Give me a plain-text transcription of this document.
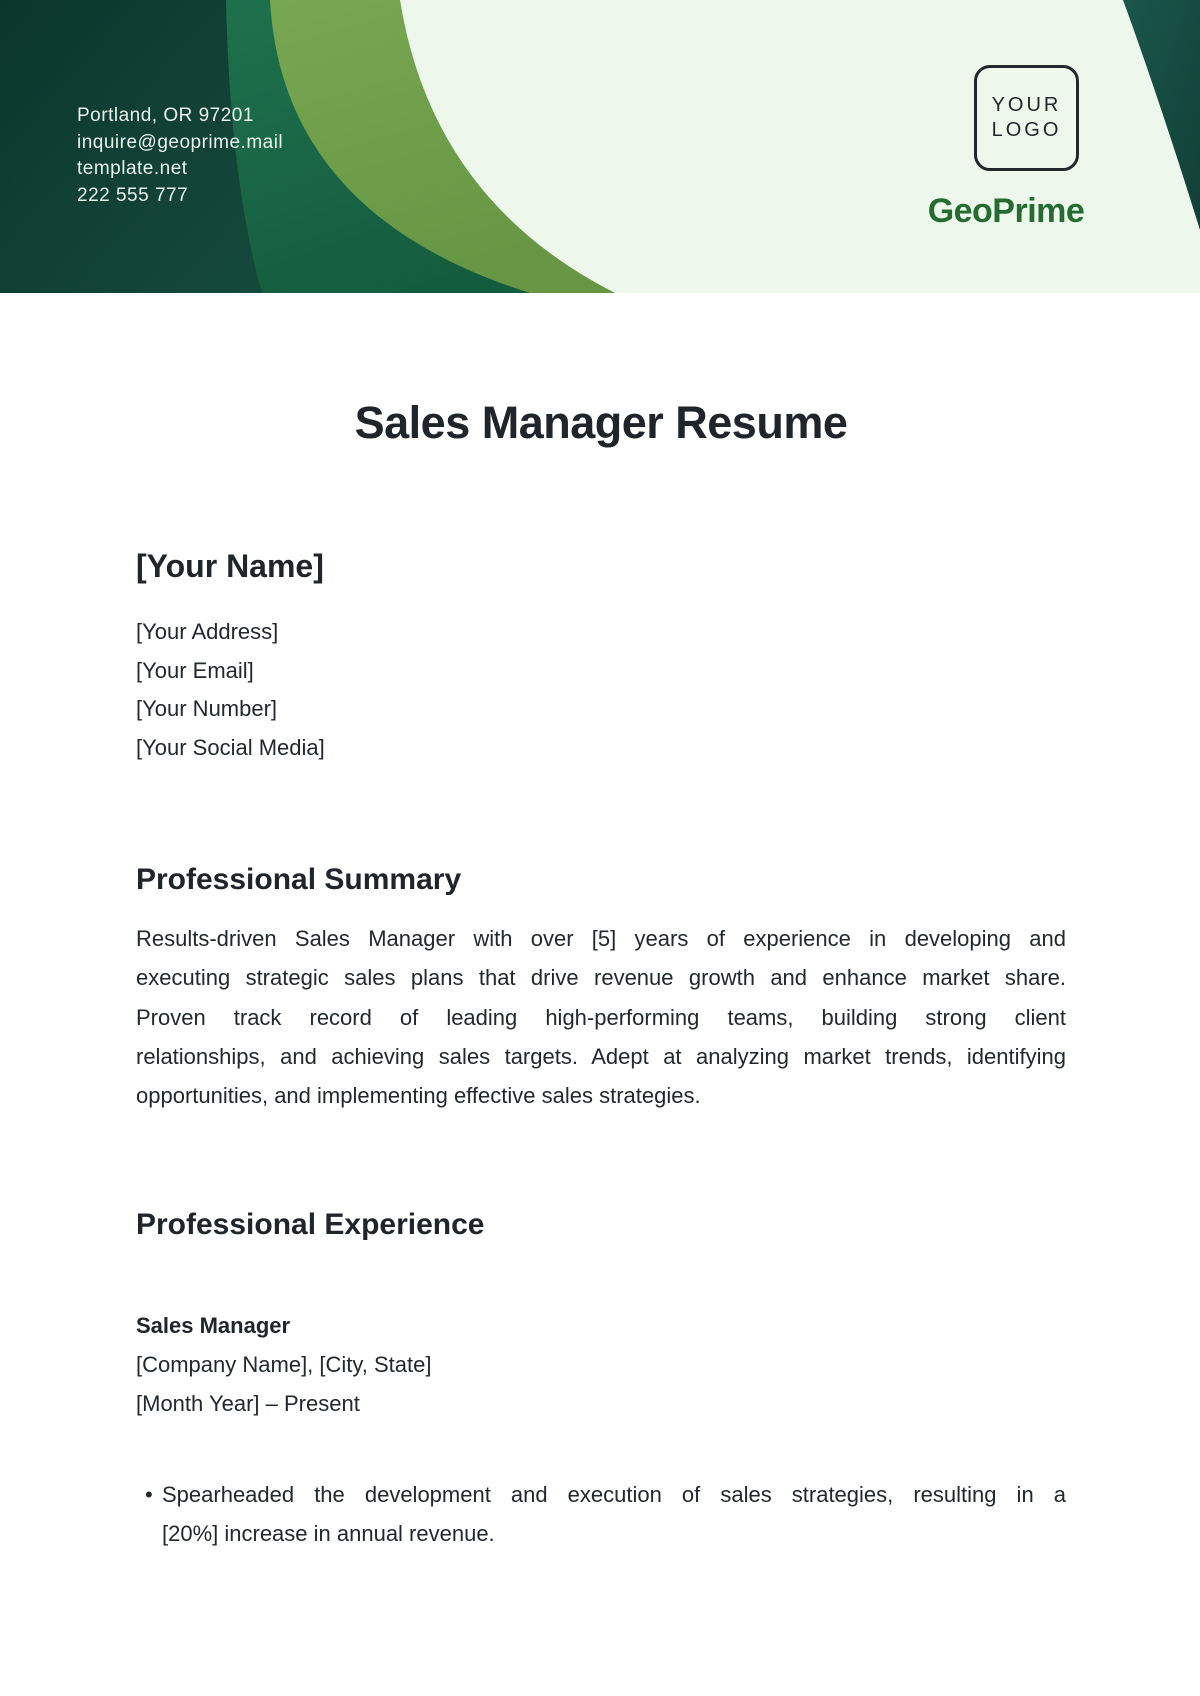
Portland, OR 97201
inquire@geoprime.mail
template.net
222 555 777
YOUR
LOGO
GeoPrime
Sales Manager Resume
[Your Name]
[Your Address]
[Your Email]
[Your Number]
[Your Social Media]
Professional Summary
Results-driven Sales Manager with over [5] years of experience in developing and
executing strategic sales plans that drive revenue growth and enhance market share.
Proven track record of leading high-performing teams, building strong client
relationships, and achieving sales targets. Adept at analyzing market trends, identifying
opportunities, and implementing effective sales strategies.
Professional Experience
Sales Manager
[Company Name], [City, State]
[Month Year] – Present
• Spearheaded the development and execution of sales strategies, resulting in a
[20%] increase in annual revenue.
